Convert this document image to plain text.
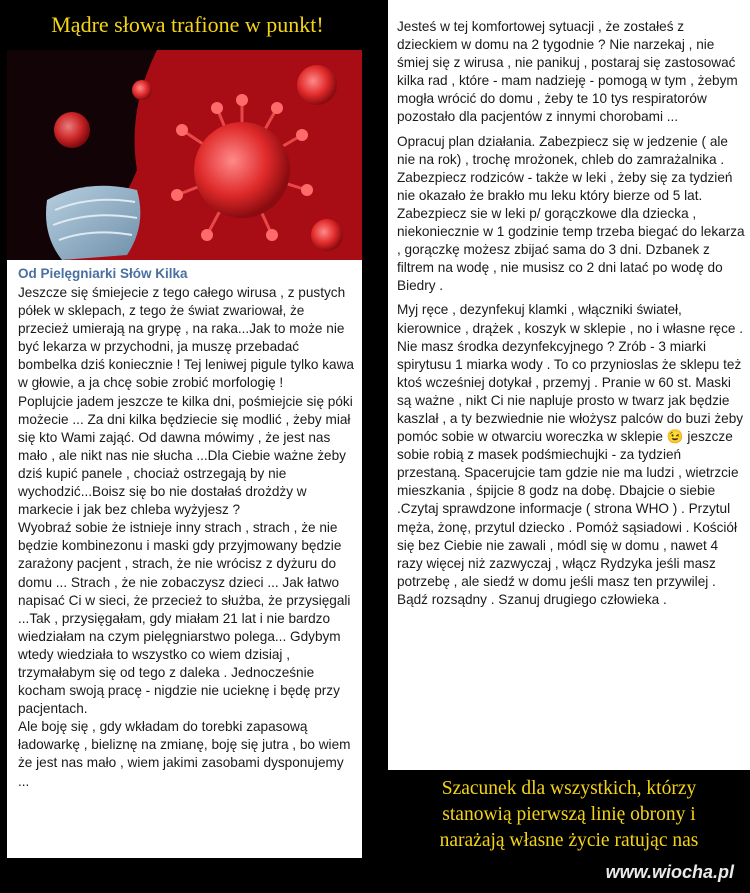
Mądre słowa trafione w punkt!
Od Pielęgniarki Słów Kilka

Jeszcze się śmiejecie z tego całego wirusa , z pustych półek w sklepach, z tego że świat zwariował, że przecież umierają na grypę , na raka...Jak to może nie być lekarza w przychodni, ja muszę przebadać bombelka dziś koniecznie ! Tej leniwej pigule tylko kawa w głowie, a ja chcę sobie zrobić morfologię !

Poplujcie jadem jeszcze te kilka dni, pośmiejcie się póki możecie ... Za dni kilka będziecie się modlić , żeby miał się kto Wami zająć. Od dawna mówimy , że jest nas mało , ale nikt nas nie słucha ...Dla Ciebie ważne żeby dziś kupić panele , chociaż ostrzegają by nie wychodzić...Boisz się bo nie dostałaś drożdży w markecie i jak bez chleba wyżyjesz ?

Wyobraź sobie że istnieje inny strach , strach , że nie będzie kombinezonu i maski gdy przyjmowany będzie zarażony pacjent , strach, że nie wrócisz z dyżuru do domu ... Strach , że nie zobaczysz dzieci ... Jak łatwo napisać Ci w sieci, że przecież to służba, że przysięgali ...Tak , przysięgałam, gdy miałam 21 lat i nie bardzo wiedziałam na czym pielęgniarstwo polega... Gdybym wtedy wiedziała to wszystko co wiem dzisiaj , trzymałabym się od tego z daleka . Jednocześnie kocham swoją pracę - nigdzie nie ucieknę i będę przy pacjentach.

Ale boję się , gdy wkładam do torebki zapasową ładowarkę , bieliznę na zmianę, boję się jutra , bo wiem że jest nas mało , wiem jakimi zasobami dysponujemy ...

Jesteś w tej komfortowej sytuacji , że zostałeś z dzieckiem w domu na 2 tygodnie ? Nie narzekaj , nie śmiej się z wirusa , nie panikuj , postaraj się zastosować kilka rad , które - mam nadzieję - pomogą w tym , żebym mogła wrócić do domu , żeby te 10 tys respiratorów pozostało dla pacjentów z innymi chorobami ...

Opracuj plan działania. Zabezpiecz się w jedzenie ( ale nie na rok) , trochę mrożonek, chleb do zamrażalnika . Zabezpiecz rodziców - także w leki , żeby się za tydzień nie okazało że brakło mu leku który bierze od 5 lat. Zabezpiecz sie w leki p/ gorączkowe dla dziecka , niekoniecznie w 1 godzinie temp trzeba biegać do lekarza , gorączkę możesz zbijać sama do 3 dni. Dzbanek z filtrem na wodę , nie musisz co 2 dni latać po wodę do Biedry .

Myj ręce , dezynfekuj klamki , włączniki świateł, kierownice , drążek , koszyk w sklepie , no i własne ręce . Nie masz środka dezynfekcyjnego ? Zrób - 3 miarki spirytusu 1 miarka wody . To co przynioslas że sklepu też ktoś wcześniej dotykał , przemyj . Pranie w 60 st. Maski są ważne , nikt Ci nie napluje prosto w twarz jak będzie kaszlał , a ty bezwiednie nie włożysz palców do buzi żeby pomóc sobie w otwarciu woreczka w sklepie 😉 jeszcze sobie robią z masek podśmiechujki - za tydzień przestaną. Spacerujcie tam gdzie nie ma ludzi , wietrzcie mieszkania , śpijcie 8 godz na dobę. Dbajcie o siebie .Czytaj sprawdzone informacje ( strona WHO ) . Przytul męża, żonę, przytul dziecko . Pomóż sąsiadowi . Kościół się bez Ciebie nie zawali , módl się w domu , nawet 4 razy więcej niż zazwyczaj , włącz Rydzyka jeśli masz potrzebę , ale siedź w domu jeśli masz ten przywilej . Bądź rozsądny . Szanuj drugiego człowieka .

Szacunek dla wszystkich, którzy
stanowią pierwszą linię obrony i
narażają własne życie ratując nas
www.wiocha.pl
